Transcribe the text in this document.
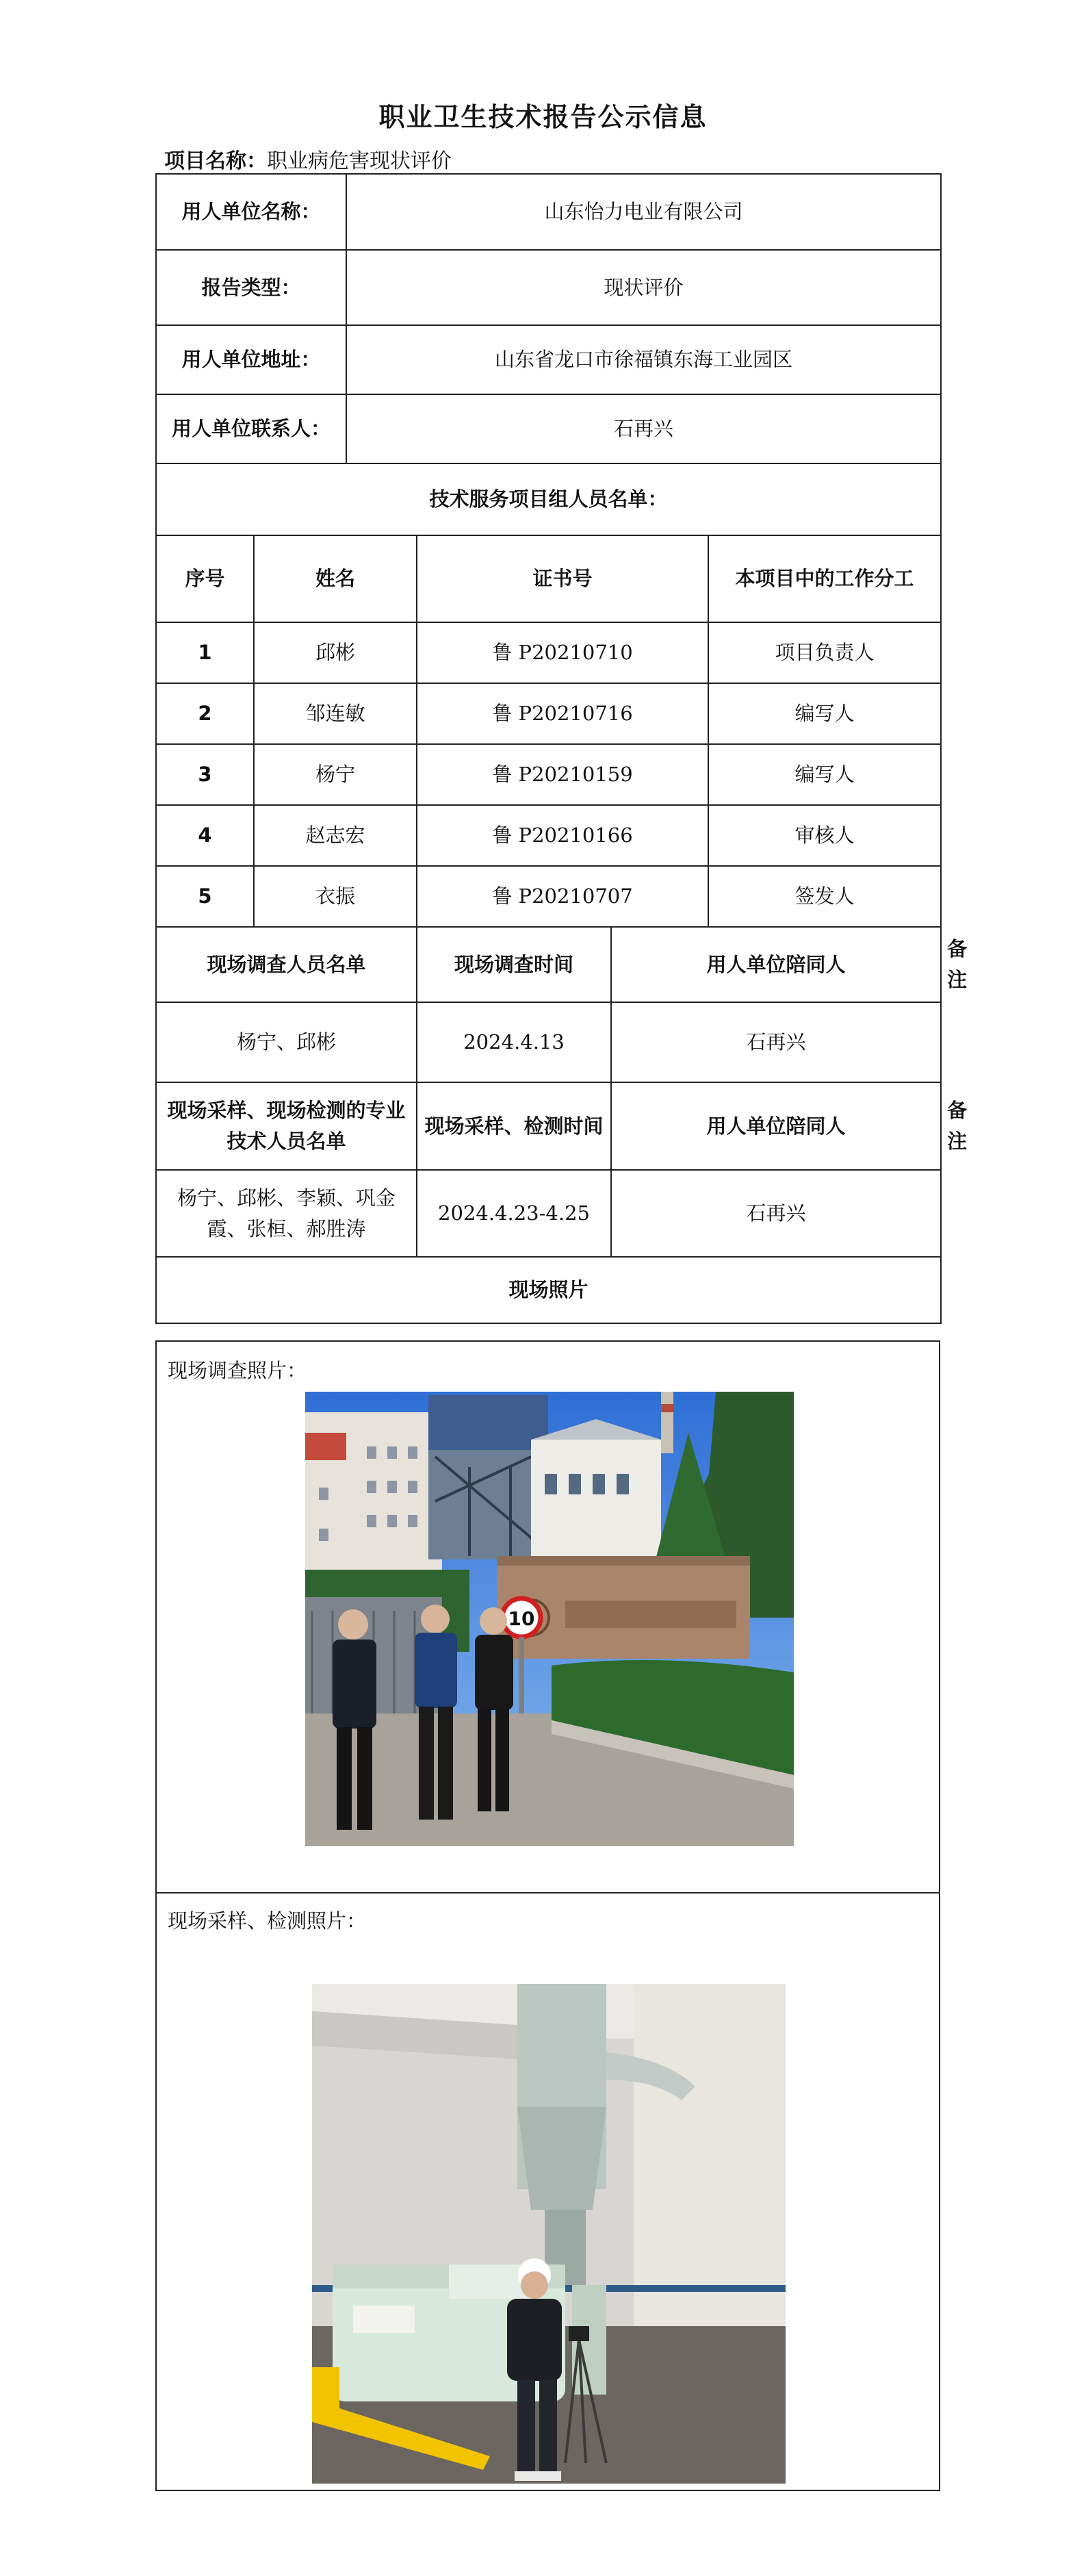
职业卫生技术报告公示信息
项目名称：职业病危害现状评价
用人单位名称：		山东怡力电业有限公司				
报告类型：		现状评价				
用人单位地址：		山东省龙口市徐福镇东海工业园区				
用人单位联系人：		石再兴				
技术服务项目组人员名单：						
序号	姓名		证书号		本项目中的工作分工	
1	邱彬		鲁 P20210710		项目负责人	
2	邹连敏		鲁 P20210716		编写人	
3	杨宁		鲁 P20210159		编写人	
4	赵志宏		鲁 P20210166		审核人	
5	衣振		鲁 P20210707		签发人	
现场调查人员名单			现场调查时间	用人单位陪同人		备注
杨宁、邱彬			2024.4.13	石再兴		
现场采样、现场检测的专业技术人员名单			现场采样、检测时间	用人单位陪同人		备注
杨宁、邱彬、李颖、巩金霞、张桓、郝胜涛			2024.4.23-4.25	石再兴		
现场照片						
现场调查照片：
10
现场采样、检测照片：
